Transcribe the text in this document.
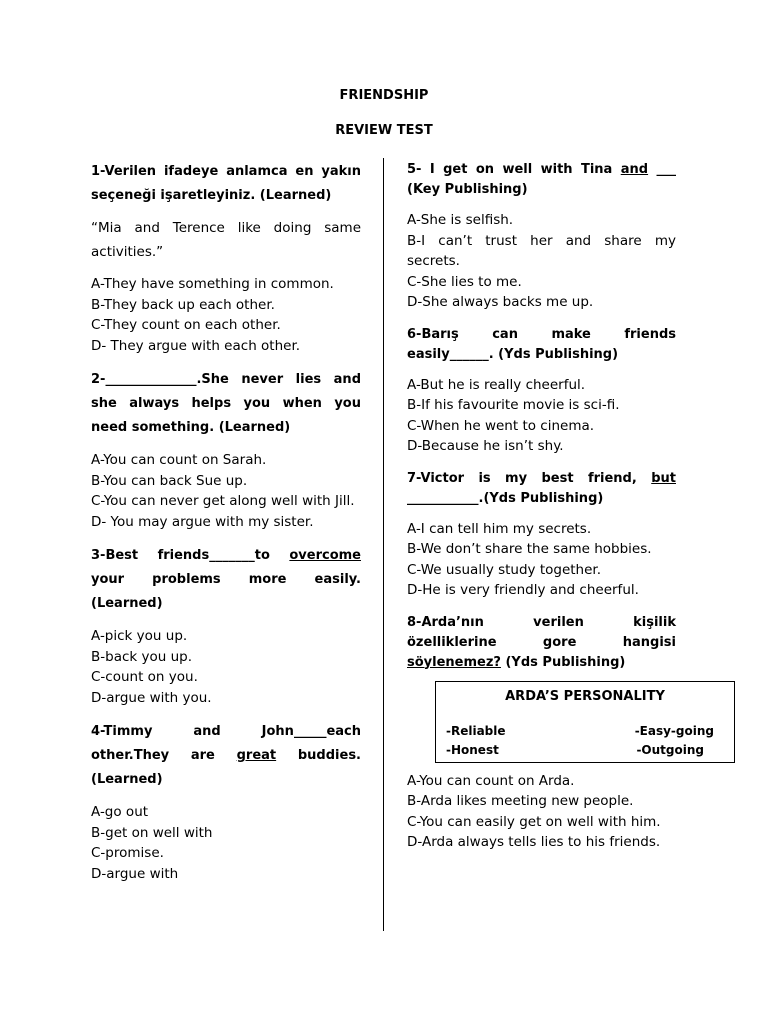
FRIENDSHIP
REVIEW TEST
1-Verilen ifadeye anlamca en yakın seçeneği işaretleyiniz. (Learned)
“Mia and Terence like doing same activities.”
A-They have something in common.
B-They back up each other.
C-They count on each other.
D- They argue with each other.
2-______________.She never lies and she always helps you when you need something. (Learned)
A-You can count on Sarah.
B-You can back Sue up.
C-You can never get along well with Jill.
D- You may argue with my sister.
3-Best friends_______to overcome your problems more easily. (Learned)
A-pick you up.
B-back you up.
C-count on you.
D-argue with you.
4-Timmy and John_____each other.They are great buddies. (Learned)
A-go out
B-get on well with
C-promise.
D-argue with
5- I get on well with Tina and ___ (Key Publishing)
A-She is selfish.
B-I can’t trust her and share my secrets.
C-She lies to me.
D-She always backs me up.
6-Barış can make friends easily______. (Yds Publishing)
A-But he is really cheerful.
B-If his favourite movie is sci-fi.
C-When he went to cinema.
D-Because he isn’t shy.
7-Victor is my best friend, but ___________.(Yds Publishing)
A-I can tell him my secrets.
B-We don’t share the same hobbies.
C-We usually study together.
D-He is very friendly and cheerful.
8-Arda’nın verilen kişilik özelliklerine gore hangisi söylenemez? (Yds Publishing)
ARDA’S PERSONALITY
-Reliable	-Easy-going
-Honest	-Outgoing
A-You can count on Arda.
B-Arda likes meeting new people.
C-You can easily get on well with him.
D-Arda always tells lies to his friends.
